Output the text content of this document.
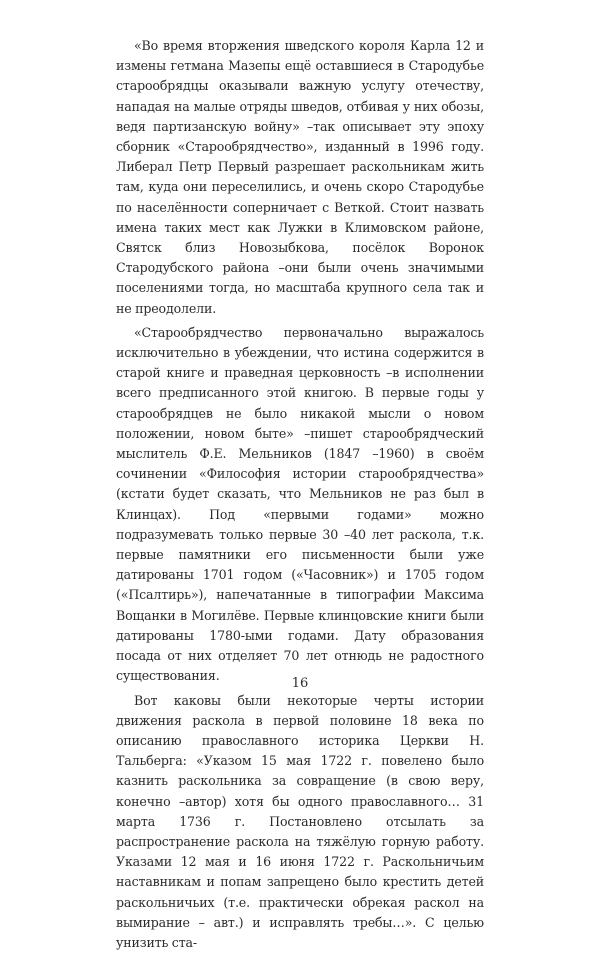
«Во время вторжения шведского короля Карла 12 и измены гетмана Мазепы ещё оставшиеся в Стародубье старообрядцы оказывали важную услугу отечеству, нападая на малые отряды шведов, отбивая у них обозы, ведя партизанскую войну» –так описывает эту эпоху сборник «Старообрядчество», изданный в 1996 году. Либерал Петр Первый разрешает раскольникам жить там, куда они переселились, и очень скоро Стародубье по населённости соперничает с Веткой. Стоит назвать имена таких мест как Лужки в Климовском районе, Святск близ Новозыбкова, посёлок Воронок Стародубского района –они были очень значимыми поселениями тогда, но масштаба крупного села так и не преодолели.

«Старообрядчество первоначально выражалось исключительно в убеждении, что истина содержится в старой книге и праведная церковность –в исполнении всего предписанного этой книгою. В первые годы у старообрядцев не было никакой мысли о новом положении, новом быте» –пишет старообрядческий мыслитель Ф.Е. Мельников (1847 –1960) в своём сочинении «Философия истории старообрядчества» (кстати будет сказать, что Мельников не раз был в Клинцах). Под «первыми годами» можно подразумевать только первые 30 –40 лет раскола, т.к. первые памятники его письменности были уже датированы 1701 годом («Часовник») и 1705 годом («Псалтирь»), напечатанные в типографии Максима Вощанки в Могилёве. Первые клинцовские книги были датированы 1780-ыми годами. Дату образования посада от них отделяет 70 лет отнюдь не радостного существования.

Вот каковы были некоторые черты истории движения раскола в первой половине 18 века по описанию православного историка Церкви Н. Тальберга: «Указом 15 мая 1722 г. повелено было казнить раскольника за совращение (в свою веру, конечно –автор) хотя бы одного православного… 31 марта 1736 г. Постановлено отсылать за распространение раскола на тяжёлую горную работу. Указами 12 мая и 16 июня 1722 г. Раскольничьим наставникам и попам запрещено было крестить детей раскольничьих (т.е. практически обрекая раскол на вымирание – авт.) и исправлять требы…». С целью унизить ста-

16
